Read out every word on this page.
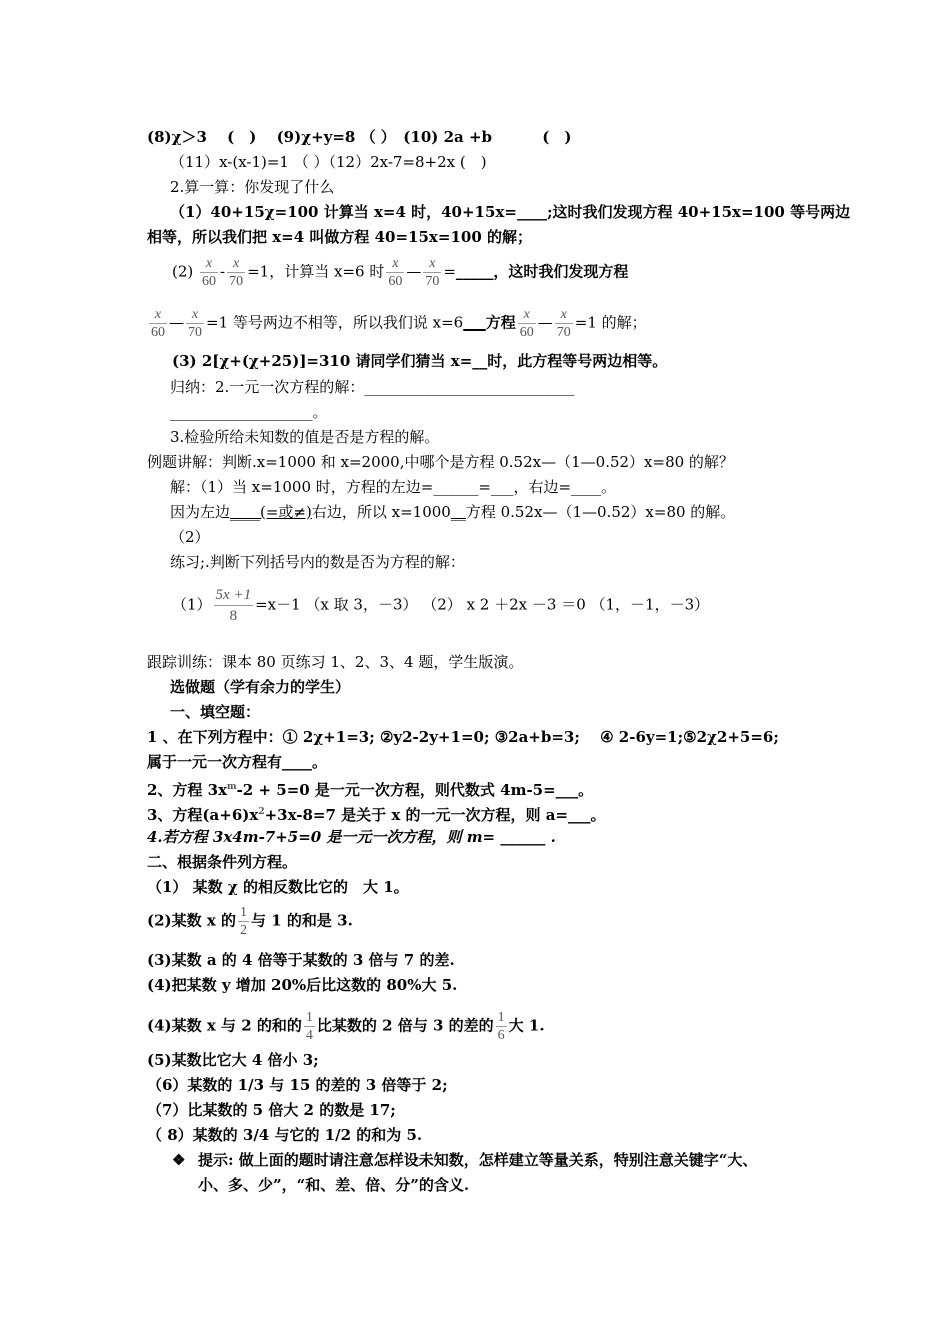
(8)χ＞3　 (　)　 (9)χ+y=8 （ ）　(10) 2a +b　　　 (　)
（11）x-(x-1)=1 （ ）（12）2x-7=8+2x (　)
2.算一算：你发现了什么
（1）40+15χ=100 计算当 x=4 时，40+15x=____;这时我们发现方程 40+15x=100 等号两边
相等，所以我们把 x=4 叫做方程 40=15x=100 的解；
$(2) \frac{x}{60} - \frac{x}{70} =1$，计算当 x=6 时 $\frac{x}{60}$ — $\frac{x}{70}$ =_____，这时我们发现方程
$\frac{x}{60}$ — $\frac{x}{70} =1$ 等号两边不相等，所以我们说 x=6___方程 $\frac{x}{60}$ — $\frac{x}{70} =1$ 的解；
(3) 2[χ+(χ+25)]=310 请同学们猜当 x=__时，此方程等号两边相等。
归纳：2.一元一次方程的解：____________________________
___________________。
3.检验所给未知数的值是否是方程的解。
例题讲解：判断.x=1000 和 x=2000,中哪个是方程 0.52x—（1—0.52）x=80 的解？
解：（1）当 x=1000 时，方程的左边=______=___，右边=____。
因为左边____(=或≠)右边，所以 x=1000__方程 0.52x—（1—0.52）x=80 的解。
（2）
练习;.判断下列括号内的数是否为方程的解：
$(1) \frac{5x +1}{8} =x-1$ （x 取 3，－3） （2） x 2 ＋2x －3 ＝0 （1，－1，－3）
跟踪训练：课本 80 页练习 1、2、3、4 题，学生版演。
选做题（学有余力的学生）
一、填空题：
1 、在下列方程中：① 2χ+1=3; ②y2-2y+1=0; ③2a+b=3;　 ④ 2-6y=1;⑤2χ2+5=6;
属于一元一次方程有____。
2、方程 $3x^m-2 + 5=0$ 是一元一次方程，则代数式 4m-5=___。
3、方程$(a+6)x^2+3x-8=7$ 是关于 x 的一元一次方程，则 a=___。
4.若方程 3x4m-7+5=0 是一元一次方程，则 m= ______ .
二、根据条件列方程。
（1） 某数 χ 的相反数比它的　大 1。
(2)某数 x 的 $\frac{1}{2}$ 与 1 的和是 3.
(3)某数 a 的 4 倍等于某数的 3 倍与 7 的差.
(4)把某数 y 增加 20%后比这数的 80%大 5.
(4)某数 x 与 2 的和的 $\frac{1}{4}$ 比某数的 2 倍与 3 的差的 $\frac{1}{6}$ 大 1.
(5)某数比它大 4 倍小 3;
（6）某数的 1/3 与 15 的差的 3 倍等于 2;
（7）比某数的 5 倍大 2 的数是 17;
（ 8）某数的 3/4 与它的 1/2 的和为 5.
❖ 提示: 做上面的题时请注意怎样设未知数，怎样建立等量关系，特别注意关键字“大、
小、多、少”，“和、差、倍、分”的含义.
